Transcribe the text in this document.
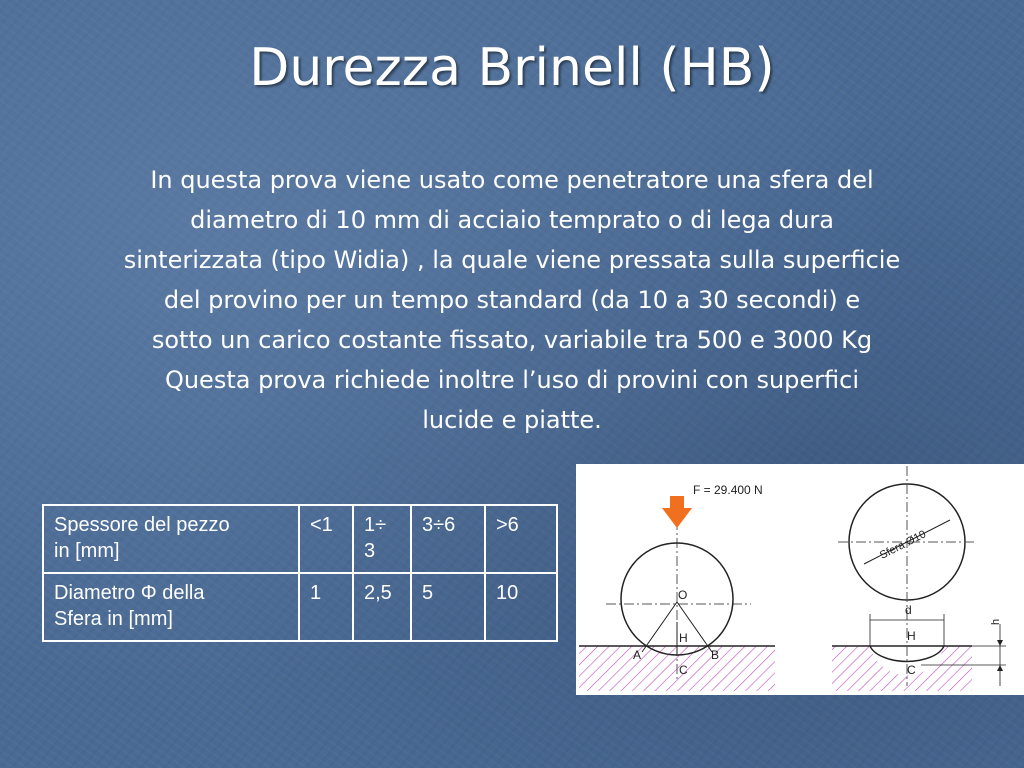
Durezza Brinell (HB)
In questa prova viene usato come penetratore una sfera del
diametro di 10 mm di acciaio temprato o di lega dura
sinterizzata (tipo Widia) , la quale viene pressata sulla superficie
del provino per un tempo standard (da 10 a 30 secondi) e
sotto un carico costante fissato, variabile tra 500 e 3000 Kg
Questa prova richiede inoltre l’uso di provini con superfici
lucide e piatte.
Spessore del pezzo
in [mm]	<1	1÷ 3	3÷6	>6

Diametro Φ della
Sfera in [mm]	1	2,5	5	10
F = 29.400 N
O
H
A	B
C
Sfera Ø10
d
H
C
h
